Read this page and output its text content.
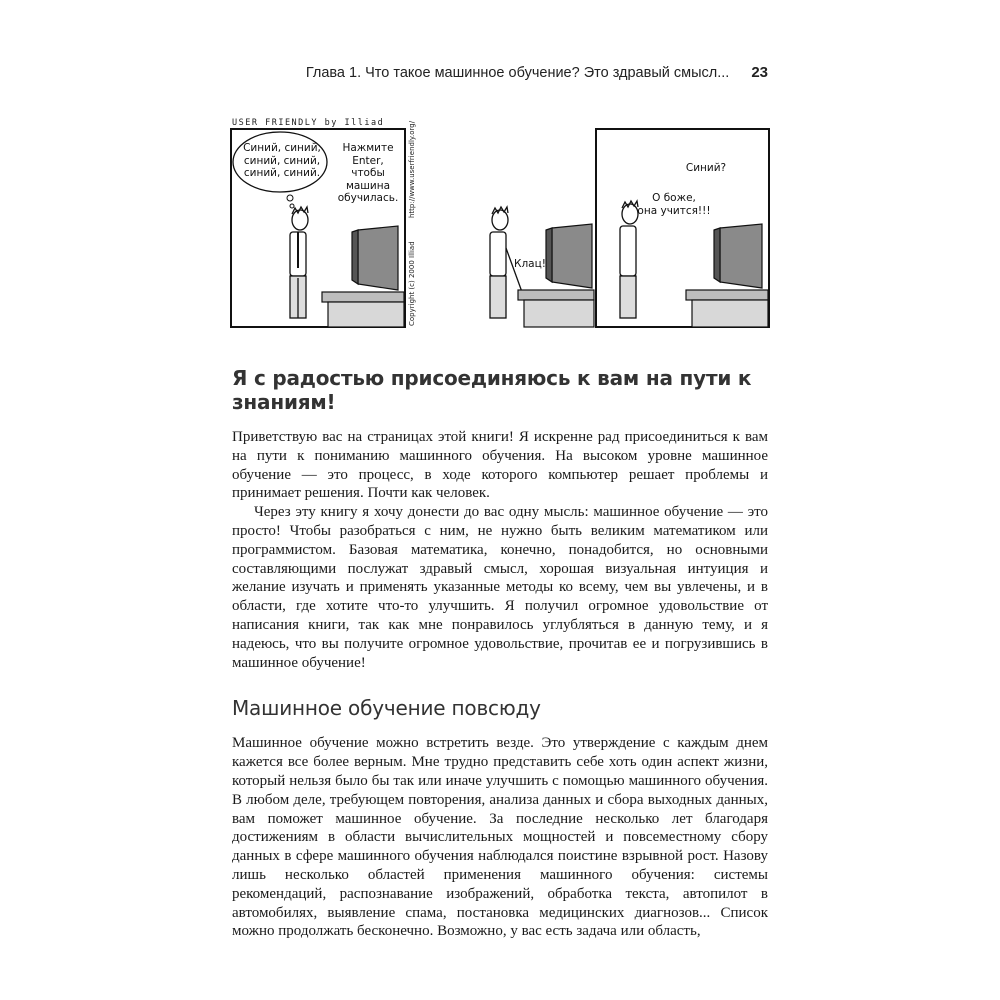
Глава 1. Что такое машинное обучение? Это здравый смысл... 23
USER FRIENDLY by Illiad
Синий, синий,
синий, синий,
синий, синий.
Нажмите
Enter,
чтобы
машина
обучилась.	http://www.userfriendly.org/
Copyright (c) 2000 Illiad	Клац!
Синий?
О боже,
она учится!!!
Я с радостью присоединяюсь к вам на пути к знаниям!

Приветствую вас на страницах этой книги! Я искренне рад присоединиться к вам на пути к пониманию машинного обучения. На высоком уровне машинное обучение — это процесс, в ходе которого компьютер решает проблемы и принимает решения. Почти как человек.

Через эту книгу я хочу донести до вас одну мысль: машинное обучение — это просто! Чтобы разобраться с ним, не нужно быть великим математиком или программистом. Базовая математика, конечно, понадобится, но основными составляющими послужат здравый смысл, хорошая визуальная интуиция и желание изучать и применять указанные методы ко всему, чем вы увлечены, и в области, где хотите что-то улучшить. Я получил огромное удовольствие от написания книги, так как мне понравилось углубляться в данную тему, и я надеюсь, что вы получите огромное удовольствие, прочитав ее и погрузившись в машинное обучение!

Машинное обучение повсюду

Машинное обучение можно встретить везде. Это утверждение с каждым днем кажется все более верным. Мне трудно представить себе хоть один аспект жизни, который нельзя было бы так или иначе улучшить с помощью машинного обучения. В любом деле, требующем повторения, анализа данных и сбора выходных данных, вам поможет машинное обучение. За последние несколько лет благодаря достижениям в области вычислительных мощностей и повсеместному сбору данных в сфере машинного обучения наблюдался поистине взрывной рост. Назову лишь несколько областей применения машинного обучения: системы рекомендаций, распознавание изображений, обработка текста, автопилот в автомобилях, выявление спама, постановка медицинских диагнозов... Список можно продолжать бесконечно. Возможно, у вас есть задача или область,
